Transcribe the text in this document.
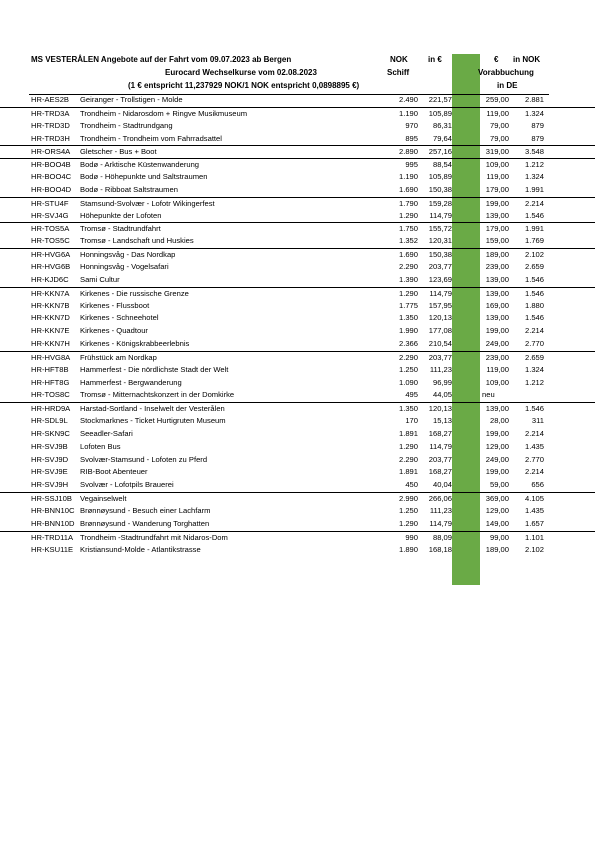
MS VESTERÅLEN Angebote auf der Fahrt vom 09.07.2023 ab Bergen
Eurocard Wechselkurse vom 02.08.2023
(1 € entspricht 11,237929 NOK/1 NOK entspricht 0,0898895 €)
NOK
Schiff
in €	€ in NOK
Vorabbuchung
in DE
HR-AES2B Geiranger - Trollstigen - Molde	2.490 221,57	259,00 2.881
HR-TRD3A Trondheim - Nidarosdom + Ringve Musikmuseum	1.190 105,89	119,00 1.324
HR-TRD3D Trondheim - Stadtrundgang	970 86,31	79,00	879
HR-TRD3H Trondheim - Trondheim vom Fahrradsattel	895 79,64	79,00	879
HR-ORS4A Gletscher - Bus + Boot	2.890 257,16	319,00 3.548
HR-BOO4B Bodø - Arktische Küstenwanderung	995 88,54	109,00 1.212
HR-BOO4C Bodø - Höhepunkte und Saltstraumen	1.190 105,89	119,00 1.324
HR-BOO4D Bodø - Ribboat Saltstraumen	1.690 150,38	179,00 1.991
HR-STU4F Stamsund-Svolvær - Lofotr Wikingerfest	1.790 159,28	199,00 2.214
HR-SVJ4G Höhepunkte der Lofoten	1.290 114,79	139,00 1.546
HR-TOS5A Tromsø - Stadtrundfahrt	1.750 155,72	179,00 1.991
HR-TOS5C Tromsø - Landschaft und Huskies	1.352 120,31	159,00 1.769
HR-HVG6A Honningsvåg - Das Nordkap	1.690 150,38	189,00 2.102
HR-HVG6B Honningsvåg - Vogelsafari	2.290 203,77	239,00 2.659
HR-KJD6C Sami Cultur	1.390 123,69	139,00 1.546
HR-KKN7A Kirkenes - Die russische Grenze	1.290 114,79	139,00 1.546
HR-KKN7B Kirkenes - Flussboot	1.775 157,95	169,00 1.880
HR-KKN7D Kirkenes - Schneehotel	1.350 120,13	139,00 1.546
HR-KKN7E Kirkenes - Quadtour	1.990 177,08	199,00 2.214
HR-KKN7H Kirkenes - Königskrabbeerlebnis	2.366 210,54	249,00 2.770
HR-HVG8A Frühstück am Nordkap	2.290 203,77	239,00 2.659
HR-HFT8B Hammerfest - Die nördlichste Stadt der Welt	1.250 111,23	119,00 1.324
HR-HFT8G Hammerfest - Bergwanderung	1.090 96,99	109,00 1.212
HR-TOS8C Tromsø - Mitternachtskonzert in der Domkirke	495 44,05	neu
HR-HRD9A Harstad-Sortland - Inselwelt der Vesterålen	1.350 120,13	139,00 1.546
HR-SDL9L Stockmarknes - Ticket Hurtigruten Museum	170 15,13	28,00	311
HR-SKN9C Seeadler-Safari	1.891 168,27	199,00 2.214
HR-SVJ9B Lofoten Bus	1.290 114,79	129,00 1.435
HR-SVJ9D Svolvær-Stamsund - Lofoten zu Pferd	2.290 203,77	249,00 2.770
HR-SVJ9E RIB-Boot Abenteuer	1.891 168,27	199,00 2.214
HR-SVJ9H Svolvær - Lofotpils Brauerei	450 40,04	59,00	656
HR-SSJ10B Vegainselwelt	2.990 266,06	369,00 4.105
HR-BNN10C Brønnøysund - Besuch einer Lachfarm	1.250 111,23	129,00 1.435
HR-BNN10D Brønnøysund - Wanderung Torghatten	1.290 114,79	149,00 1.657
HR-TRD11A Trondheim -Stadtrundfahrt mit Nidaros-Dom	990 88,09	99,00 1.101
HR-KSU11E Kristiansund-Molde - Atlantikstrasse	1.890 168,18	189,00 2.102
